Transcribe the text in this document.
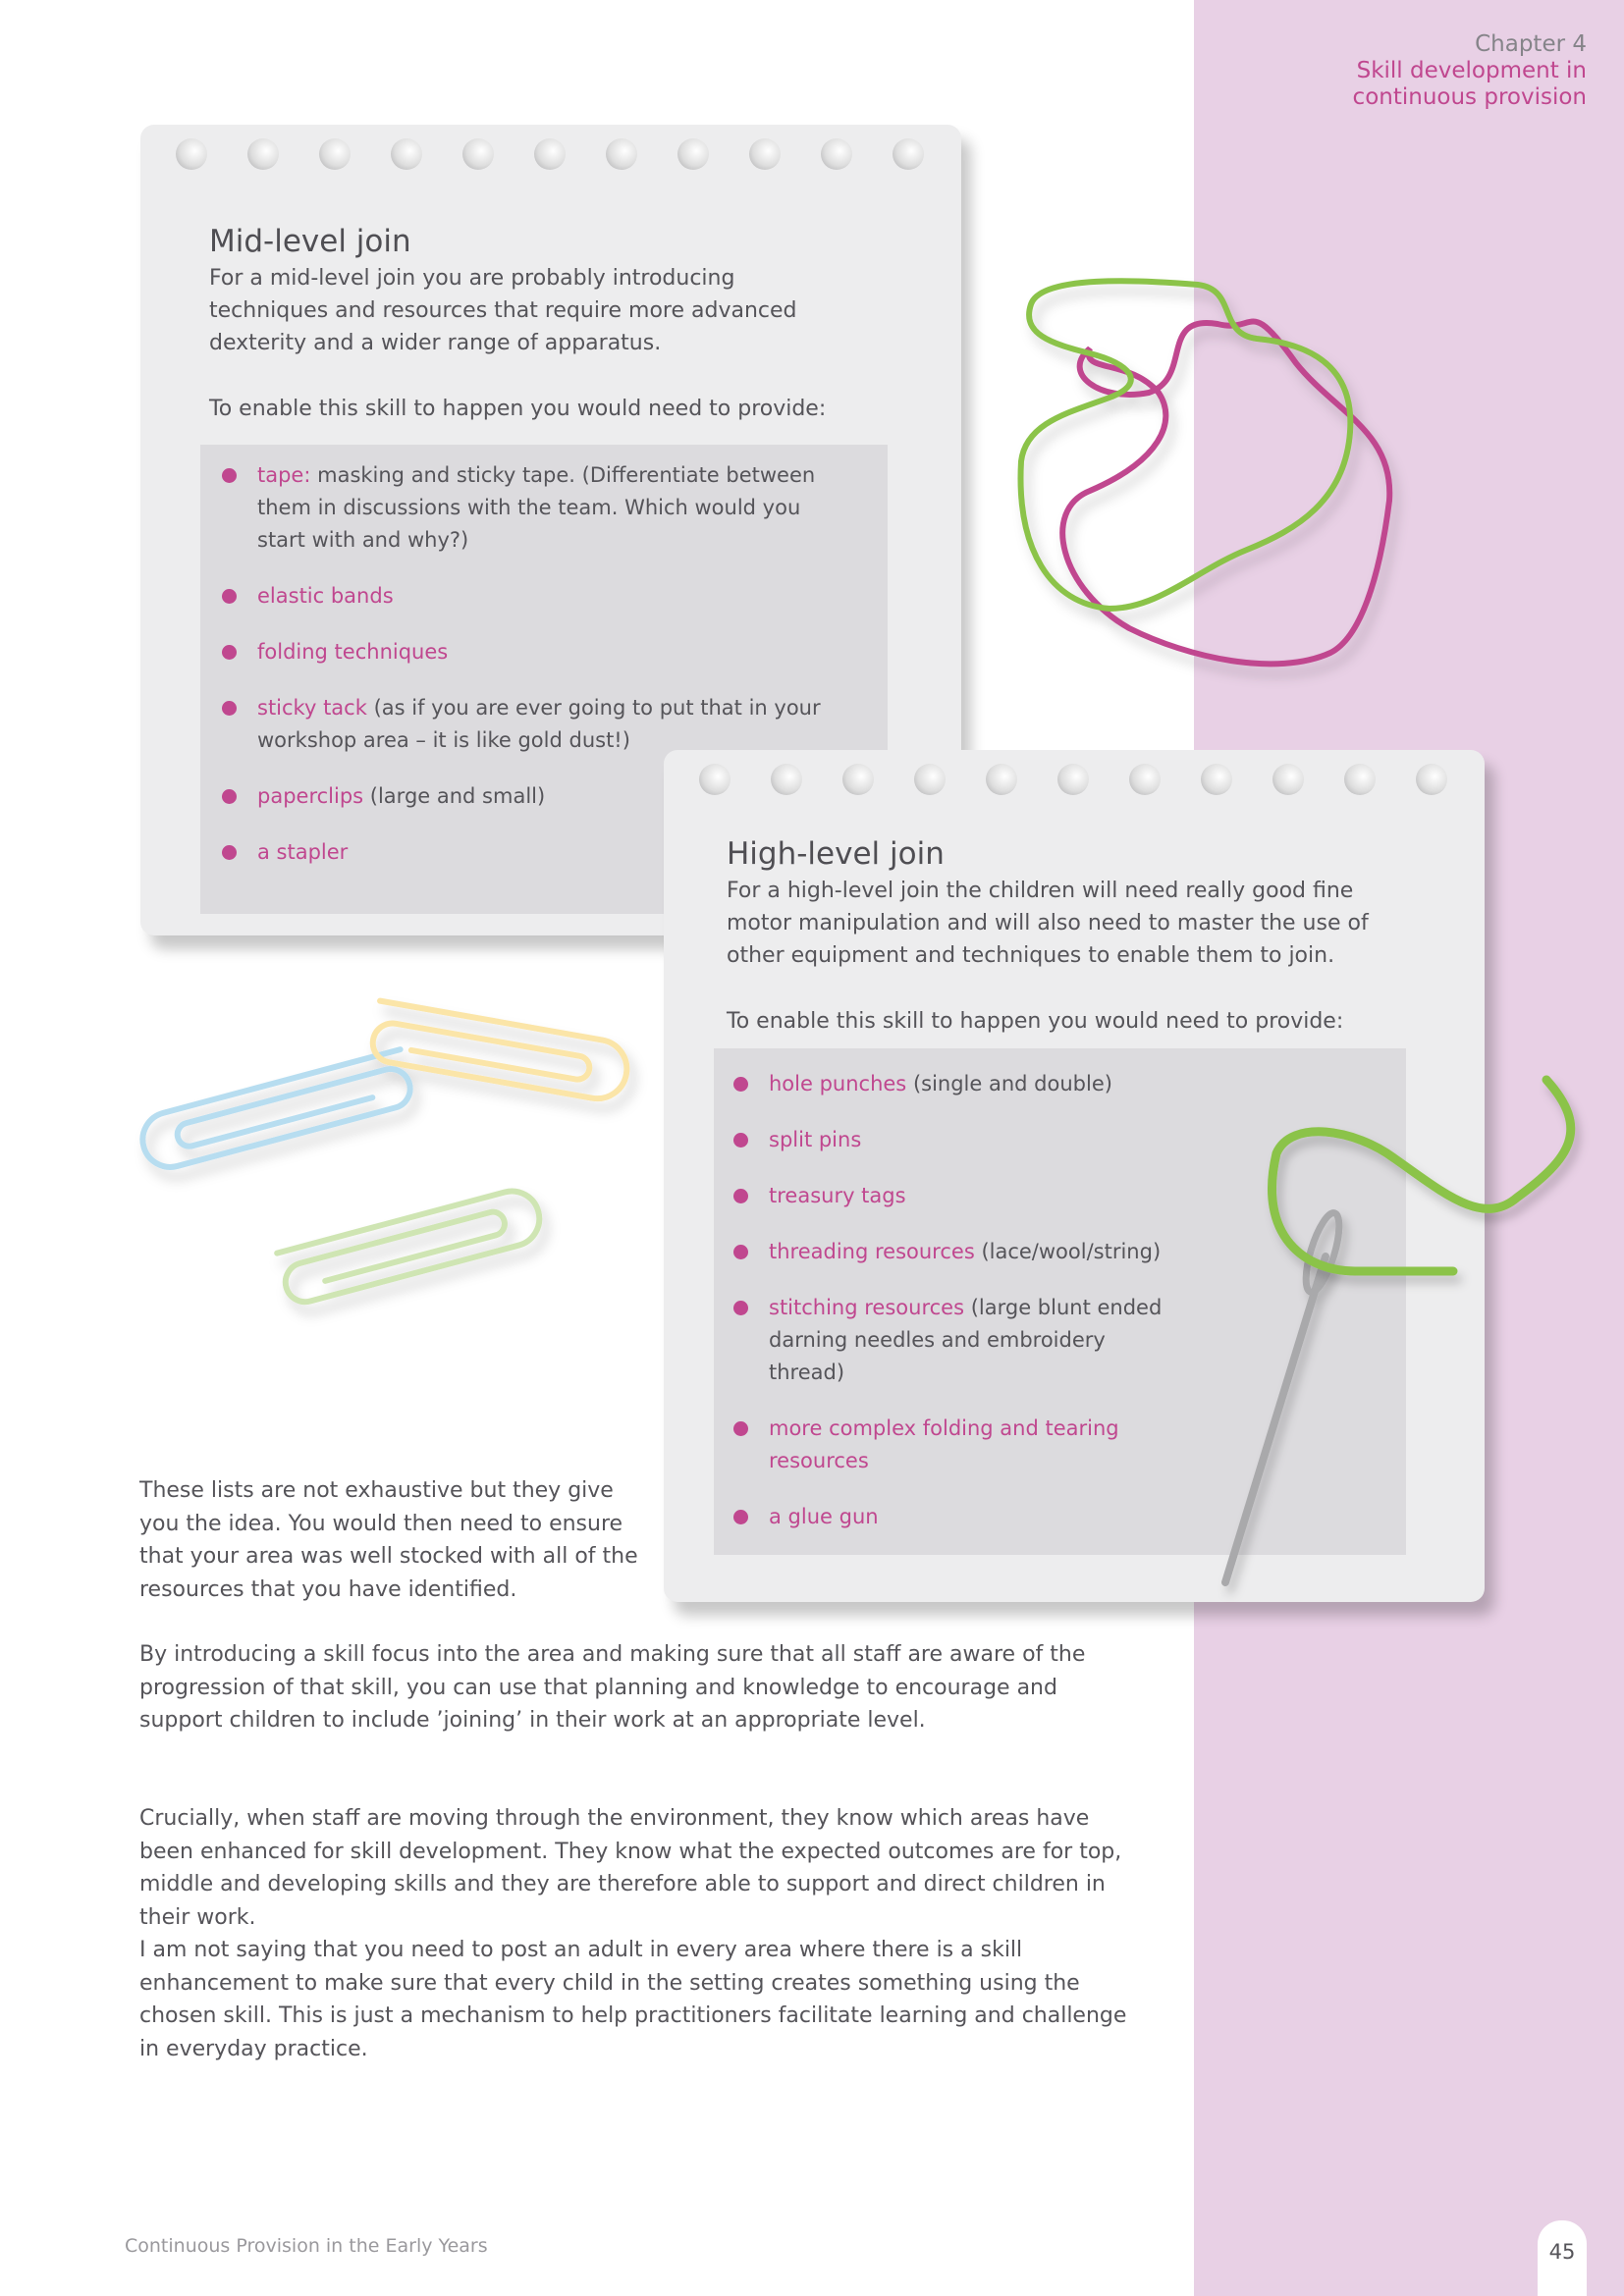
Chapter 4
Skill development in
continuous provision
Mid-level join

For a mid-level join you are probably introducing techniques and resources that require more advanced dexterity and a wider range of apparatus.

To enable this skill to happen you would need to provide:

tape: masking and sticky tape. (Differentiate between them in discussions with the team. Which would you start with and why?)
elastic bands
folding techniques
sticky tack (as if you are ever going to put that in your workshop area – it is like gold dust!)
paperclips (large and small)
a stapler	High-level join

For a high-level join the children will need really good fine motor manipulation and will also need to master the use of other equipment and techniques to enable them to join.

To enable this skill to happen you would need to provide:

hole punches (single and double)
split pins
treasury tags
threading resources (lace/wool/string)
stitching resources (large blunt ended darning needles and embroidery thread)
more complex folding and tearing resources
a glue gun

These lists are not exhaustive but they give you the idea. You would then need to ensure that your area was well stocked with all of the resources that you have identified.

By introducing a skill focus into the area and making sure that all staff are aware of the progression of that skill, you can use that planning and knowledge to encourage and support children to include ’joining’ in their work at an appropriate level.

Crucially, when staff are moving through the environment, they know which areas have been enhanced for skill development. They know what the expected outcomes are for top, middle and developing skills and they are therefore able to support and direct children in their work.

I am not saying that you need to post an adult in every area where there is a skill enhancement to make sure that every child in the setting creates something using the chosen skill. This is just a mechanism to help practitioners facilitate learning and challenge in everyday practice.

Continuous Provision in the Early Years	45
